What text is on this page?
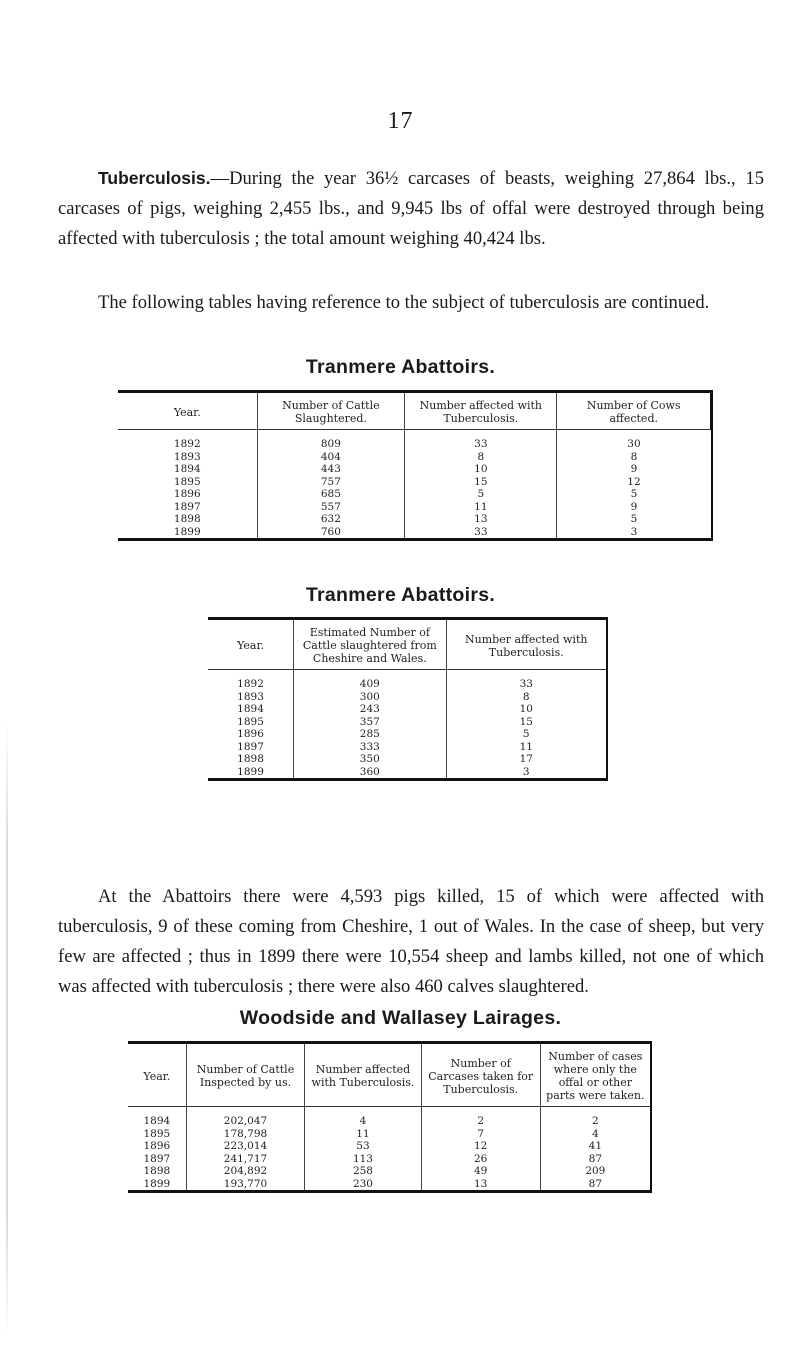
17

Tuberculosis.—During the year 36½ carcases of beasts, weighing 27,864 lbs., 15 carcases of pigs, weighing 2,455 lbs., and 9,945 lbs of offal were destroyed through being affected with tuberculosis ; the total amount weighing 40,424 lbs.

The following tables having reference to the subject of tuberculosis are continued.

Tranmere Abattoirs.
Year.	Number of Cattle Slaughtered.	Number affected with Tuberculosis.	Number of Cows affected.
1892	809	33	30
1893	404	8	8
1894	443	10	9
1895	757	15	12
1896	685	5	5
1897	557	11	9
1898	632	13	5
1899	760	33	3
Tranmere Abattoirs.
Year.	Estimated Number of Cattle slaughtered from Cheshire and Wales.	Number affected with Tuberculosis.
1892	409	33
1893	300	8
1894	243	10
1895	357	15
1896	285	5
1897	333	11
1898	350	17
1899	360	3

At the Abattoirs there were 4,593 pigs killed, 15 of which were affected with tuberculosis, 9 of these coming from Cheshire, 1 out of Wales. In the case of sheep, but very few are affected ; thus in 1899 there were 10,554 sheep and lambs killed, not one of which was affected with tuberculosis ; there were also 460 calves slaughtered.

Woodside and Wallasey Lairages.
Year.	Number of Cattle Inspected by us.	Number affected with Tuberculosis.	Number of Carcases taken for Tuberculosis.	Number of cases where only the offal or other parts were taken.
1894	202,047	4	2	2
1895	178,798	11	7	4
1896	223,014	53	12	41
1897	241,717	113	26	87
1898	204,892	258	49	209
1899	193,770	230	13	87
